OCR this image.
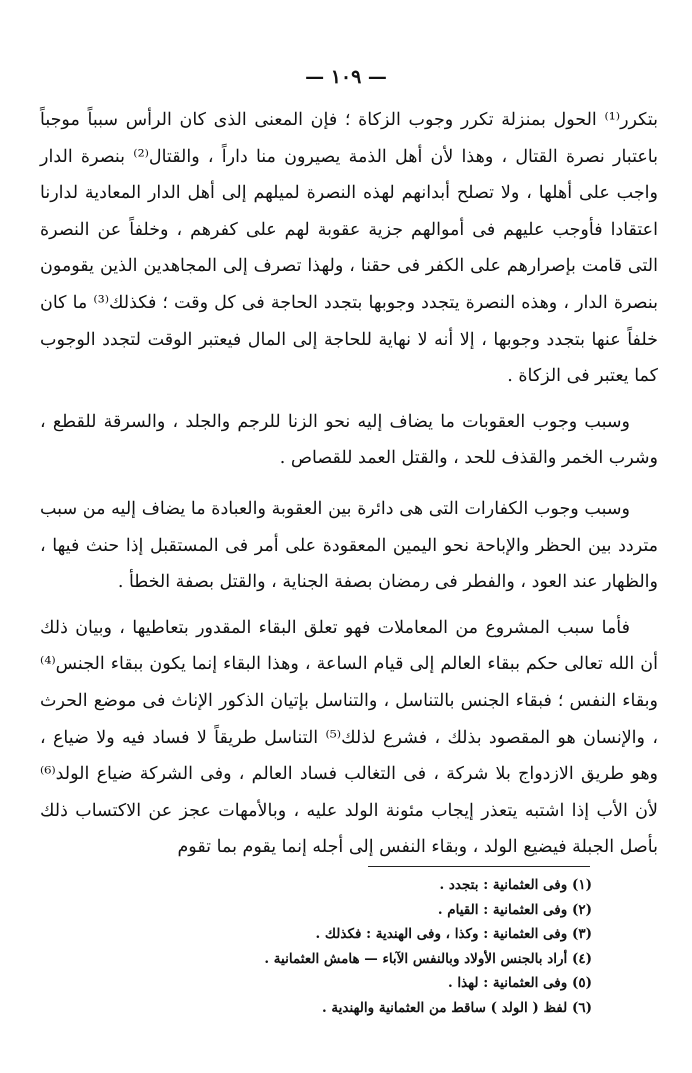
— ١٠٩ —

بتكرر⁽¹⁾ الحول بمنزلة تكرر وجوب الزكاة ؛ فإن المعنى الذى كان الرأس سبباً موجباً باعتبار نصرة القتال ، وهذا لأن أهل الذمة يصيرون منا داراً ، والقتال⁽²⁾ بنصرة الدار واجب على أهلها ، ولا تصلح أبدانهم لهذه النصرة لميلهم إلى أهل الدار المعادية لدارنا اعتقادا فأوجب عليهم فى أموالهم جزية عقوبة لهم على كفرهم ، وخلفاً عن النصرة التى قامت بإصرارهم على الكفر فى حقنا ، ولهذا تصرف إلى المجاهدين الذين يقومون بنصرة الدار ، وهذه النصرة يتجدد وجوبها بتجدد الحاجة فى كل وقت ؛ فكذلك⁽³⁾ ما كان خلفاً عنها بتجدد وجوبها ، إلا أنه لا نهاية للحاجة إلى المال فيعتبر الوقت لتجدد الوجوب كما يعتبر فى الزكاة .

وسبب وجوب العقوبات ما يضاف إليه نحو الزنا للرجم والجلد ، والسرقة للقطع ، وشرب الخمر والقذف للحد ، والقتل العمد للقصاص .

وسبب وجوب الكفارات التى هى دائرة بين العقوبة والعبادة ما يضاف إليه من سبب متردد بين الحظر والإباحة نحو اليمين المعقودة على أمر فى المستقبل إذا حنث فيها ، والظهار عند العود ، والفطر فى رمضان بصفة الجناية ، والقتل بصفة الخطأ .

فأما سبب المشروع من المعاملات فهو تعلق البقاء المقدور بتعاطيها ، وبيان ذلك أن الله تعالى حكم ببقاء العالم إلى قيام الساعة ، وهذا البقاء إنما يكون ببقاء الجنس⁽⁴⁾ وبقاء النفس ؛ فبقاء الجنس بالتناسل ، والتناسل بإتيان الذكور الإناث فى موضع الحرث ، والإنسان هو المقصود بذلك ، فشرع لذلك⁽⁵⁾ التناسل طريقاً لا فساد فيه ولا ضياع ، وهو طريق الازدواج بلا شركة ، فى التغالب فساد العالم ، وفى الشركة ضياع الولد⁽⁶⁾ لأن الأب إذا اشتبه يتعذر إيجاب مئونة الولد عليه ، وبالأمهات عجز عن الاكتساب ذلك بأصل الجبلة فيضيع الولد ، وبقاء النفس إلى أجله إنما يقوم بما تقوم

(١) وفى العثمانية : بتجدد .

(٢) وفى العثمانية : القيام .

(٣) وفى العثمانية : وكذا ، وفى الهندية : فكذلك .

(٤) أراد بالجنس الأولاد وبالنفس الآباء — هامش العثمانية .

(٥) وفى العثمانية : لهذا .

(٦) لفظ ( الولد ) ساقط من العثمانية والهندية .
